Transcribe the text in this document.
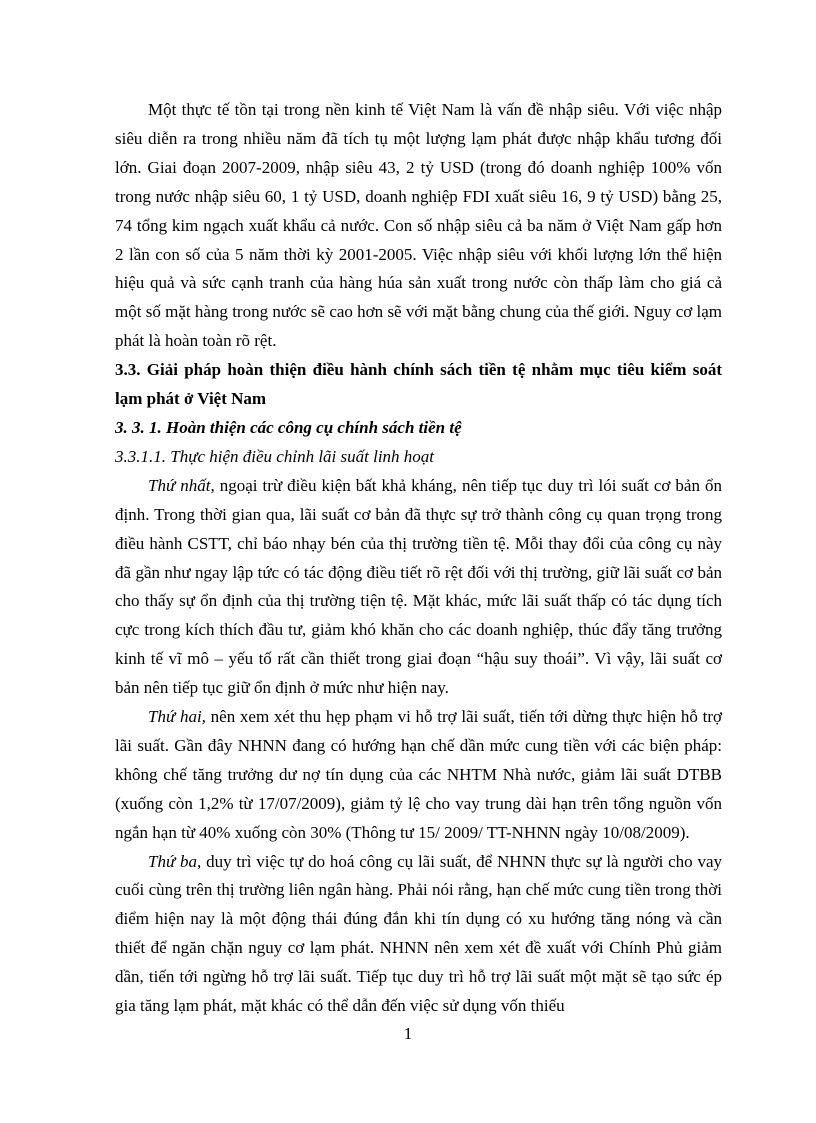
Một thực tế tồn tại trong nền kinh tế Việt Nam là vấn đề nhập siêu. Với việc nhập siêu diễn ra trong nhiều năm đã tích tụ một lượng lạm phát được nhập khẩu tương đối lớn. Giai đoạn 2007-2009, nhập siêu 43, 2 tỷ USD (trong đó doanh nghiệp 100% vốn trong nước nhập siêu 60, 1 tỷ USD, doanh nghiệp FDI xuất siêu 16, 9 tỷ USD) bằng 25, 74 tổng kim ngạch xuất khẩu cả nước. Con số nhập siêu cả ba năm ở Việt Nam gấp hơn 2 lần con số của 5 năm thời kỳ 2001-2005. Việc nhập siêu với khối lượng lớn thể hiện hiệu quả và sức cạnh tranh của hàng húa sản xuất trong nước còn thấp làm cho giá cả một số mặt hàng trong nước sẽ cao hơn sẽ với mặt bằng chung của thế giới. Nguy cơ lạm phát là hoàn toàn rõ rệt.

3.3. Giải pháp hoàn thiện điều hành chính sách tiền tệ nhằm mục tiêu kiểm soát lạm phát ở Việt Nam

3. 3. 1. Hoàn thiện các công cụ chính sách tiền tệ

3.3.1.1. Thực hiện điều chỉnh lãi suất linh hoạt

Thứ nhất, ngoại trừ điều kiện bất khả kháng, nên tiếp tục duy trì lói suất cơ bản ổn định. Trong thời gian qua, lãi suất cơ bản đã thực sự trở thành công cụ quan trọng trong điều hành CSTT, chỉ báo nhạy bén của thị trường tiền tệ. Mỗi thay đổi của công cụ này đã gần như ngay lập tức có tác động điều tiết rõ rệt đối với thị trường, giữ lãi suất cơ bản cho thấy sự ổn định của thị trường tiện tệ. Mặt khác, mức lãi suất thấp có tác dụng tích cực trong kích thích đầu tư, giảm khó khăn cho các doanh nghiệp, thúc đẩy tăng trưởng kinh tế vĩ mô – yếu tố rất cần thiết trong giai đoạn “hậu suy thoái”. Vì vậy, lãi suất cơ bản nên tiếp tục giữ ổn định ở mức như hiện nay.

Thứ hai, nên xem xét thu hẹp phạm vi hỗ trợ lãi suất, tiến tới dừng thực hiện hỗ trợ lãi suất. Gần đây NHNN đang có hướng hạn chế dần mức cung tiền với các biện pháp: không chế tăng trưởng dư nợ tín dụng của các NHTM Nhà nước, giảm lãi suất DTBB (xuống còn 1,2% từ 17/07/2009), giảm tỷ lệ cho vay trung dài hạn trên tổng nguồn vốn ngắn hạn từ 40% xuống còn 30% (Thông tư 15/ 2009/ TT-NHNN ngày 10/08/2009).

Thứ ba, duy trì việc tự do hoá công cụ lãi suất, để NHNN thực sự là người cho vay cuối cùng trên thị trường liên ngân hàng. Phải nói rằng, hạn chế mức cung tiền trong thời điểm hiện nay là một động thái đúng đắn khi tín dụng có xu hướng tăng nóng và cần thiết để ngăn chặn nguy cơ lạm phát. NHNN nên xem xét đề xuất với Chính Phủ giảm dần, tiến tới ngừng hỗ trợ lãi suất. Tiếp tục duy trì hỗ trợ lãi suất một mặt sẽ tạo sức ép gia tăng lạm phát, mặt khác có thể dẫn đến việc sử dụng vốn thiếu

1
